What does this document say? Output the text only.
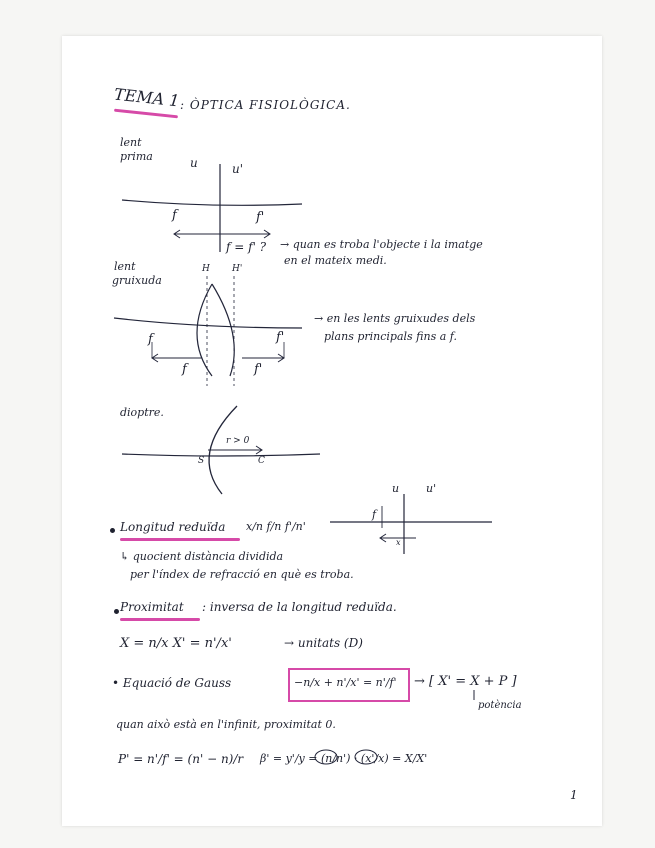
TEMA 1 : ÒPTICA FISIOLÒGICA.
lent
prima	u	u'
f	f'
f = f' ? → quan es troba l'objecte i la imatge
en el mateix medi.
lent
gruixuda
H H'
f	f'
f	f'
→ en les lents gruixudes dels
plans principals fins a f.
dioptre.
r > 0
S	C
Longitud reduïda x/n f/n f'/n'
↳ quocient distància dividida
per l'índex de refracció en què es troba.
u u'
f
x
Proximitat : inversa de la longitud reduïda.
X = n/x X' = n'/x'	→ unitats (D)
• Equació de Gauss	−n/x + n'/x' = n'/f' → [ X' = X + P ]
potència
quan això està en l'infinit, proximitat 0.
P' = n'/f' = (n' − n)/r β' = y'/y = (n/n') · (x'/x) = X/X'
1
